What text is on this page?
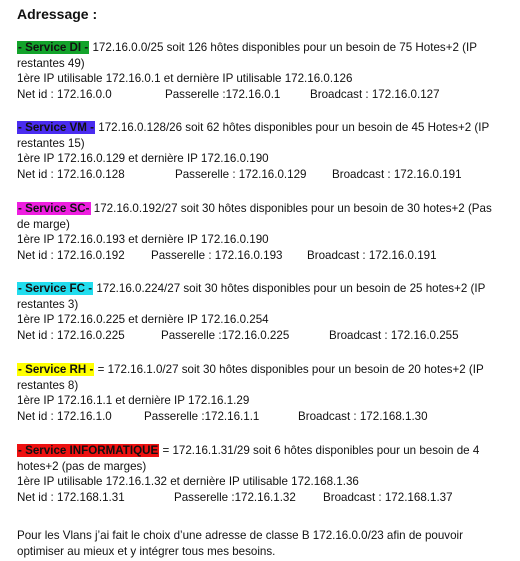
Adressage :
- Service DI - 172.16.0.0/25 soit 126 hôtes disponibles pour un besoin de 75 Hotes+2 (IP restantes 49)
1ère IP utilisable 172.16.0.1 et dernière IP utilisable 172.16.0.126
Net id : 172.16.0.0	Passerelle :172.16.0.1	Broadcast : 172.16.0.127
- Service VM - 172.16.0.128/26 soit 62 hôtes disponibles pour un besoin de 45 Hotes+2 (IP restantes 15)
1ère IP 172.16.0.129 et dernière IP 172.16.0.190
Net id : 172.16.0.128	Passerelle : 172.16.0.129 Broadcast : 172.16.0.191
- Service SC- 172.16.0.192/27 soit 30 hôtes disponibles pour un besoin de 30 hotes+2 (Pas de marge)
1ère IP 172.16.0.193 et dernière IP 172.16.0.190
Net id : 172.16.0.192 Passerelle : 172.16.0.193 Broadcast : 172.16.0.191
- Service FC - 172.16.0.224/27 soit 30 hôtes disponibles pour un besoin de 25 hotes+2 (IP restantes 3)
1ère IP 172.16.0.225 et dernière IP 172.16.0.254
Net id : 172.16.0.225	Passerelle :172.16.0.225	Broadcast : 172.16.0.255
- Service RH - = 172.16.1.0/27 soit 30 hôtes disponibles pour un besoin de 20 hotes+2 (IP restantes 8)
1ère IP 172.16.1.1 et dernière IP 172.16.1.29
Net id : 172.16.1.0	Passerelle :172.16.1.1	Broadcast : 172.168.1.30
- Service INFORMATIQUE = 172.16.1.31/29 soit 6 hôtes disponibles pour un besoin de 4 hotes+2 (pas de marges)
1ère IP utilisable 172.16.1.32 et dernière IP utilisable 172.168.1.36
Net id : 172.168.1.31	Passerelle :172.16.1.32 Broadcast : 172.168.1.37
Pour les Vlans j’ai fait le choix d’une adresse de classe B 172.16.0.0/23 afin de pouvoir optimiser au mieux et y intégrer tous mes besoins.
